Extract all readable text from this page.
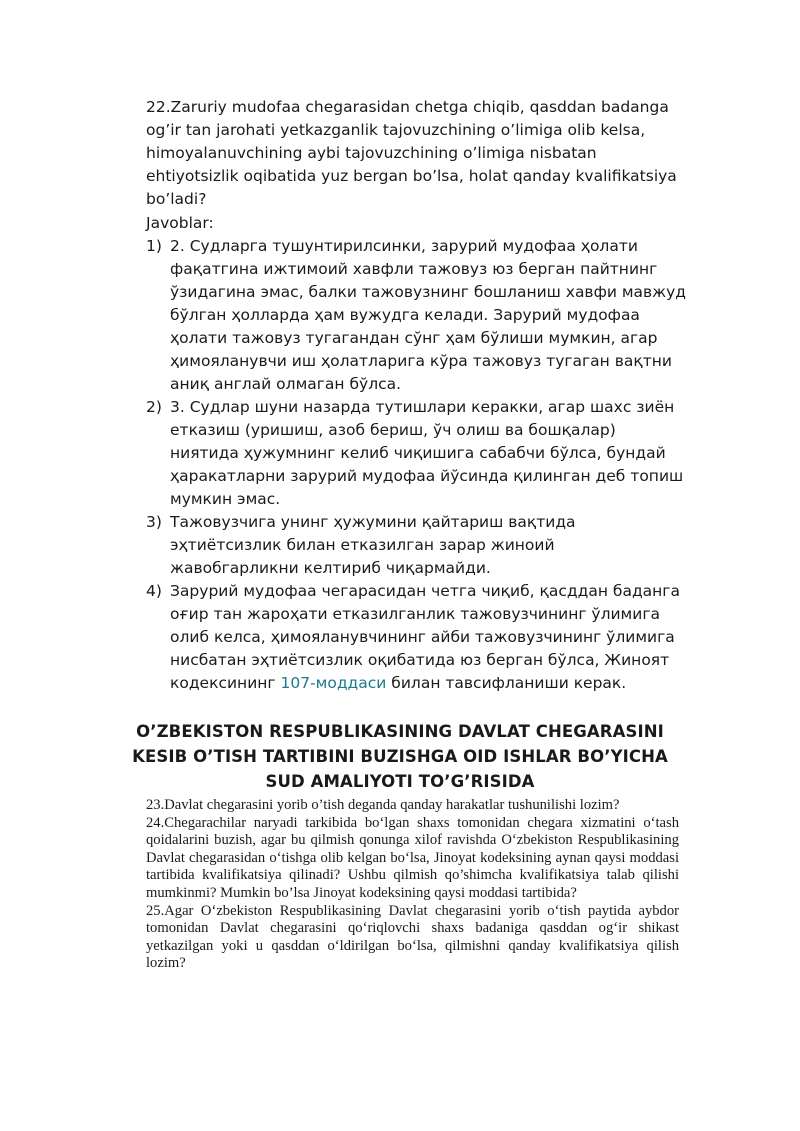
22.Zaruriy mudofaa chegarasidan chetga chiqib, qasddan badanga og’ir tan jarohati yetkazganlik tajovuzchining o’limiga olib kelsa, himoyalanuvchining aybi tajovuzchining o’limiga nisbatan ehtiyotsizlik oqibatida yuz bergan bo’lsa, holat qanday kvalifikatsiya bo’ladi?

Javoblar:

1) 2. Судларга тушунтирилсинки, зарурий мудофаа ҳолати фақатгина ижтимоий хавфли тажовуз юз берган пайтнинг ўзидагина эмас, балки тажовузнинг бошланиш хавфи мавжуд бўлган ҳолларда ҳам вужудга келади. Зарурий мудофаа ҳолати тажовуз тугагандан сўнг ҳам бўлиши мумкин, агар ҳимояланувчи иш ҳолатларига кўра тажовуз тугаган вақтни аниқ англай олмаган бўлса.
2) 3. Судлар шуни назарда тутишлари керакки, агар шахс зиён етказиш (уришиш, азоб бериш, ўч олиш ва бошқалар) ниятида ҳужумнинг келиб чиқишига сабабчи бўлса, бундай ҳаракатларни зарурий мудофаа йўсинда қилинган деб топиш мумкин эмас.
3) Тажовузчига унинг ҳужумини қайтариш вақтида эҳтиётсизлик билан етказилган зарар жиноий жавобгарликни келтириб чиқармайди.
4) Зарурий мудофаа чегарасидан четга чиқиб, қасддан баданга оғир тан жароҳати етказилганлик тажовузчининг ўлимига олиб келса, ҳимояланувчининг айби тажовузчининг ўлимига нисбатан эҳтиётсизлик оқибатида юз берган бўлса, Жиноят кодексининг 107-моддаси билан тавсифланиши керак.
O’ZBEKISTON RESPUBLIKASINING DAVLAT CHEGARASINI KESIB O’TISH TARTIBINI BUZISHGA OID ISHLAR BO’YICHA SUD AMALIYOTI TO’G’RISIDA

23.Davlat chegarasini yorib o’tish deganda qanday harakatlar tushunilishi lozim?

24.Chegarachilar naryadi tarkibida bo‘lgan shaxs tomonidan chegara xizmatini o‘tash qoidalarini buzish, agar bu qilmish qonunga xilof ravishda O‘zbekiston Respublikasining Davlat chegarasidan o‘tishga olib kelgan bo‘lsa, Jinoyat kodeksining aynan qaysi moddasi tartibida kvalifikatsiya qilinadi? Ushbu qilmish qo’shimcha kvalifikatsiya talab qilishi mumkinmi? Mumkin bo’lsa Jinoyat kodeksining qaysi moddasi tartibida?

25.Agar O‘zbekiston Respublikasining Davlat chegarasini yorib o‘tish paytida aybdor tomonidan Davlat chegarasini qo‘riqlovchi shaxs badaniga qasddan og‘ir shikast yetkazilgan yoki u qasddan o‘ldirilgan bo‘lsa, qilmishni qanday kvalifikatsiya qilish lozim?
